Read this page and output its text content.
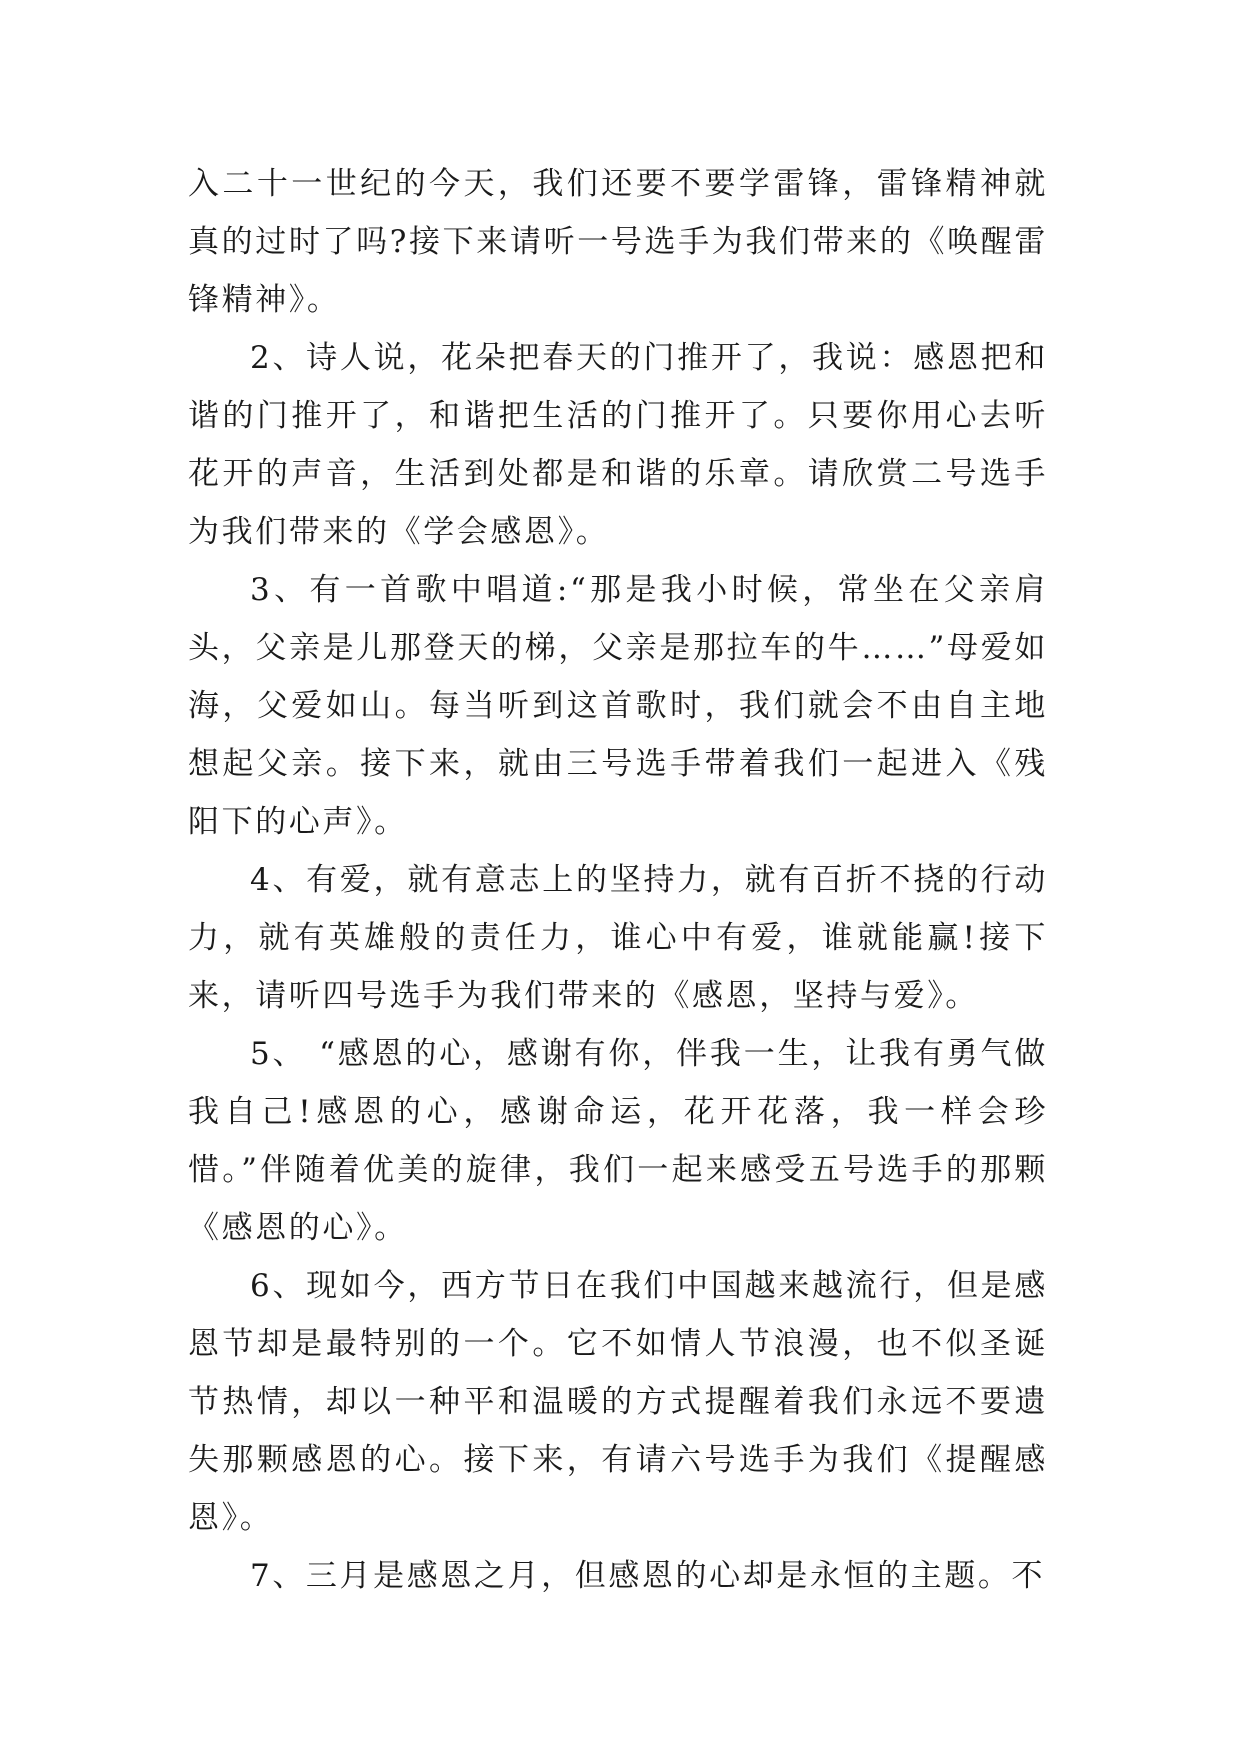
入二十一世纪的今天，我们还要不要学雷锋，雷锋精神就真的过时了吗?接下来请听一号选手为我们带来的《唤醒雷锋精神》。

2、诗人说，花朵把春天的门推开了，我说：感恩把和谐的门推开了，和谐把生活的门推开了。只要你用心去听花开的声音，生活到处都是和谐的乐章。请欣赏二号选手为我们带来的《学会感恩》。

3、有一首歌中唱道:“那是我小时候，常坐在父亲肩头，父亲是儿那登天的梯，父亲是那拉车的牛……”母爱如海，父爱如山。每当听到这首歌时，我们就会不由自主地想起父亲。接下来，就由三号选手带着我们一起进入《残阳下的心声》。

4、有爱，就有意志上的坚持力，就有百折不挠的行动力，就有英雄般的责任力，谁心中有爱，谁就能赢!接下来，请听四号选手为我们带来的《感恩，坚持与爱》。

5、 “感恩的心，感谢有你，伴我一生，让我有勇气做我自己!感恩的心，感谢命运，花开花落，我一样会珍惜。”伴随着优美的旋律，我们一起来感受五号选手的那颗《感恩的心》。

6、现如今，西方节日在我们中国越来越流行，但是感恩节却是最特别的一个。它不如情人节浪漫，也不似圣诞节热情，却以一种平和温暖的方式提醒着我们永远不要遗失那颗感恩的心。接下来，有请六号选手为我们《提醒感恩》。

7、三月是感恩之月，但感恩的心却是永恒的主题。不
